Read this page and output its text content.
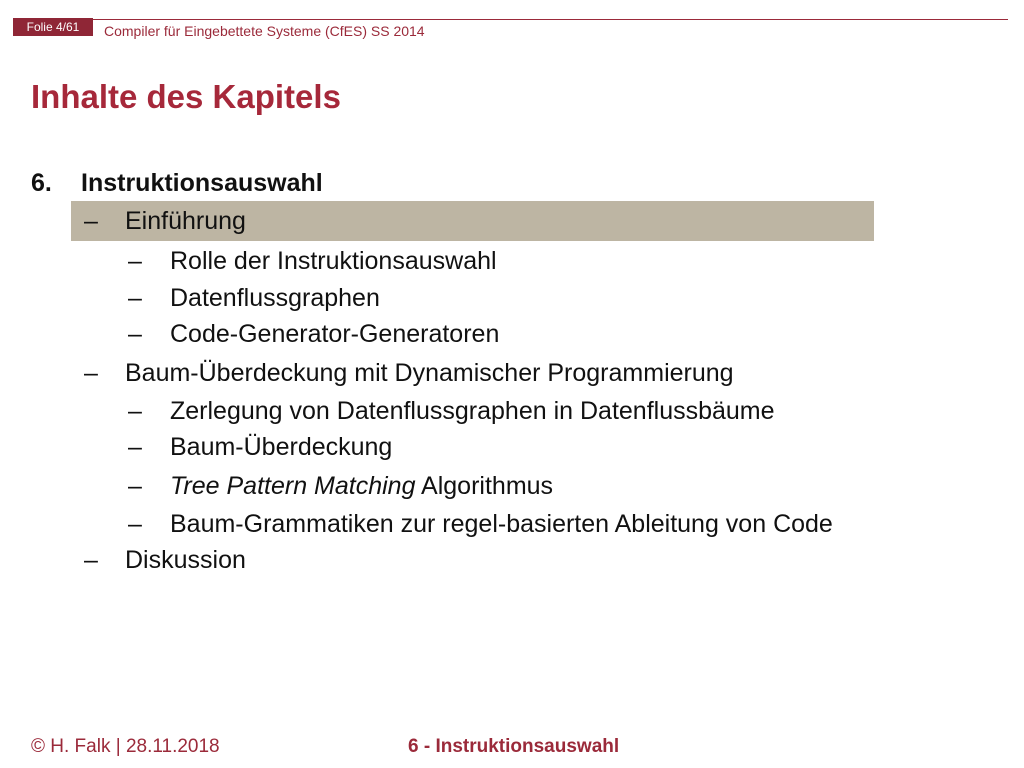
Folie 4/61	Compiler für Eingebettete Systeme (CfES) SS 2014
Inhalte des Kapitels
6. Instruktionsauswahl
– Einführung
– Rolle der Instruktionsauswahl
– Datenflussgraphen
– Code-Generator-Generatoren
– Baum-Überdeckung mit Dynamischer Programmierung
– Zerlegung von Datenflussgraphen in Datenflussbäume
– Baum-Überdeckung
– Tree Pattern Matching Algorithmus
– Baum-Grammatiken zur regel-basierten Ableitung von Code
– Diskussion
© H. Falk | 28.11.2018	6 - Instruktionsauswahl
